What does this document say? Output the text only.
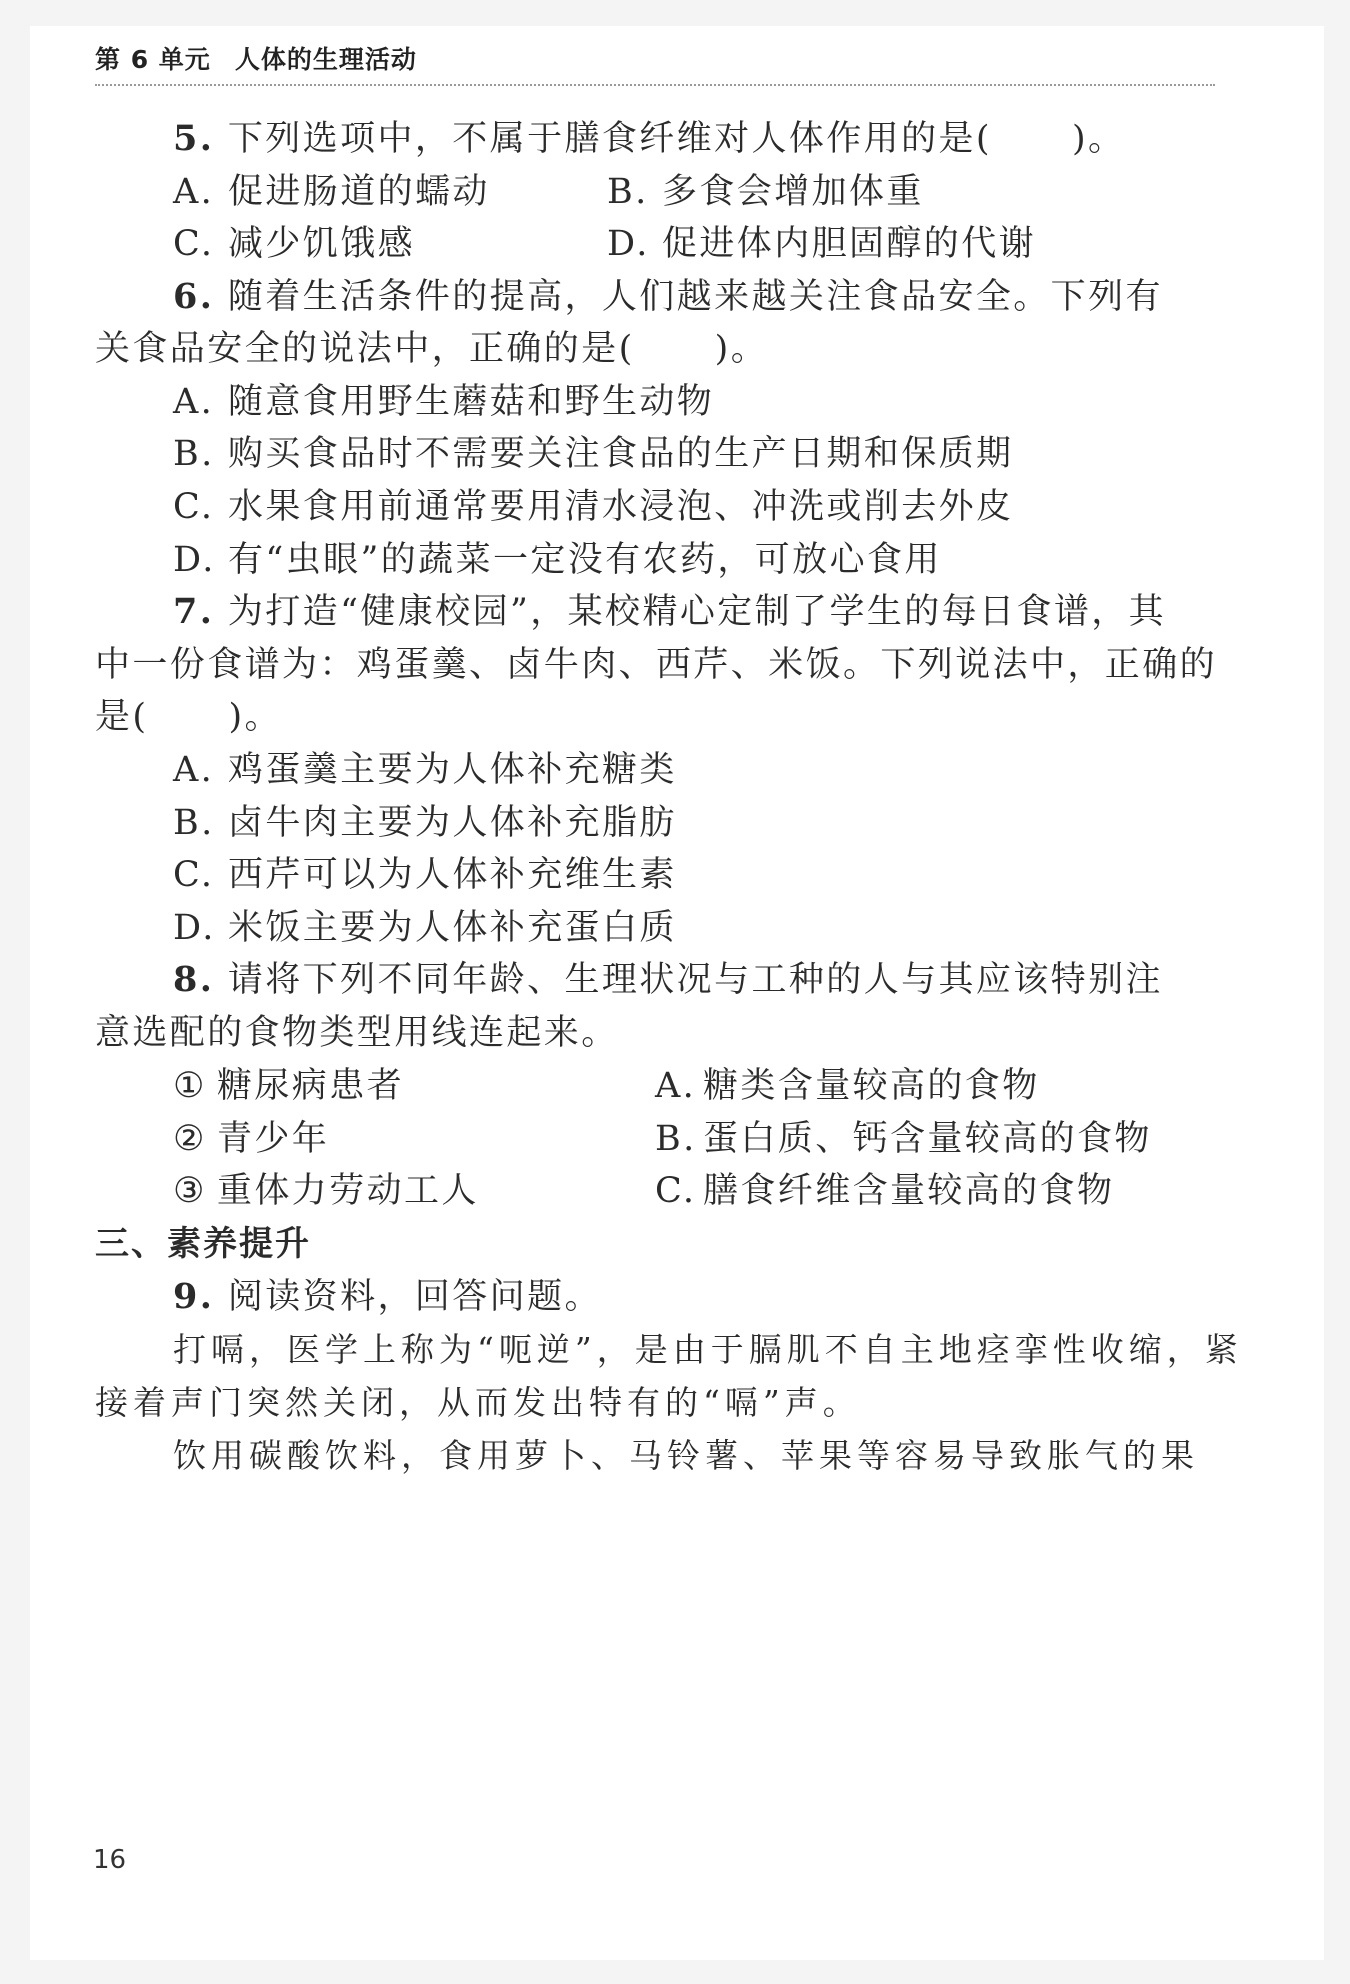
第 6 单元 人体的生理活动
5. 下列选项中，不属于膳食纤维对人体作用的是( )。
A. 促进肠道的蠕动	B. 多食会增加体重
C. 减少饥饿感	D. 促进体内胆固醇的代谢
6. 随着生活条件的提高，人们越来越关注食品安全。下列有
关食品安全的说法中，正确的是( )。
A. 随意食用野生蘑菇和野生动物
B. 购买食品时不需要关注食品的生产日期和保质期
C. 水果食用前通常要用清水浸泡、冲洗或削去外皮
D. 有“虫眼”的蔬菜一定没有农药，可放心食用
7. 为打造“健康校园”，某校精心定制了学生的每日食谱，其
中一份食谱为：鸡蛋羹、卤牛肉、西芹、米饭。下列说法中，正确的
是( )。
A. 鸡蛋羹主要为人体补充糖类
B. 卤牛肉主要为人体补充脂肪
C. 西芹可以为人体补充维生素
D. 米饭主要为人体补充蛋白质
8. 请将下列不同年龄、生理状况与工种的人与其应该特别注
意选配的食物类型用线连起来。
① 糖尿病患者	A. 糖类含量较高的食物
② 青少年	B. 蛋白质、钙含量较高的食物
③ 重体力劳动工人	C. 膳食纤维含量较高的食物
三、素养提升
9. 阅读资料，回答问题。
打嗝，医学上称为“呃逆”，是由于膈肌不自主地痉挛性收缩，紧
接着声门突然关闭，从而发出特有的“嗝”声。
饮用碳酸饮料，食用萝卜、马铃薯、苹果等容易导致胀气的果
16
